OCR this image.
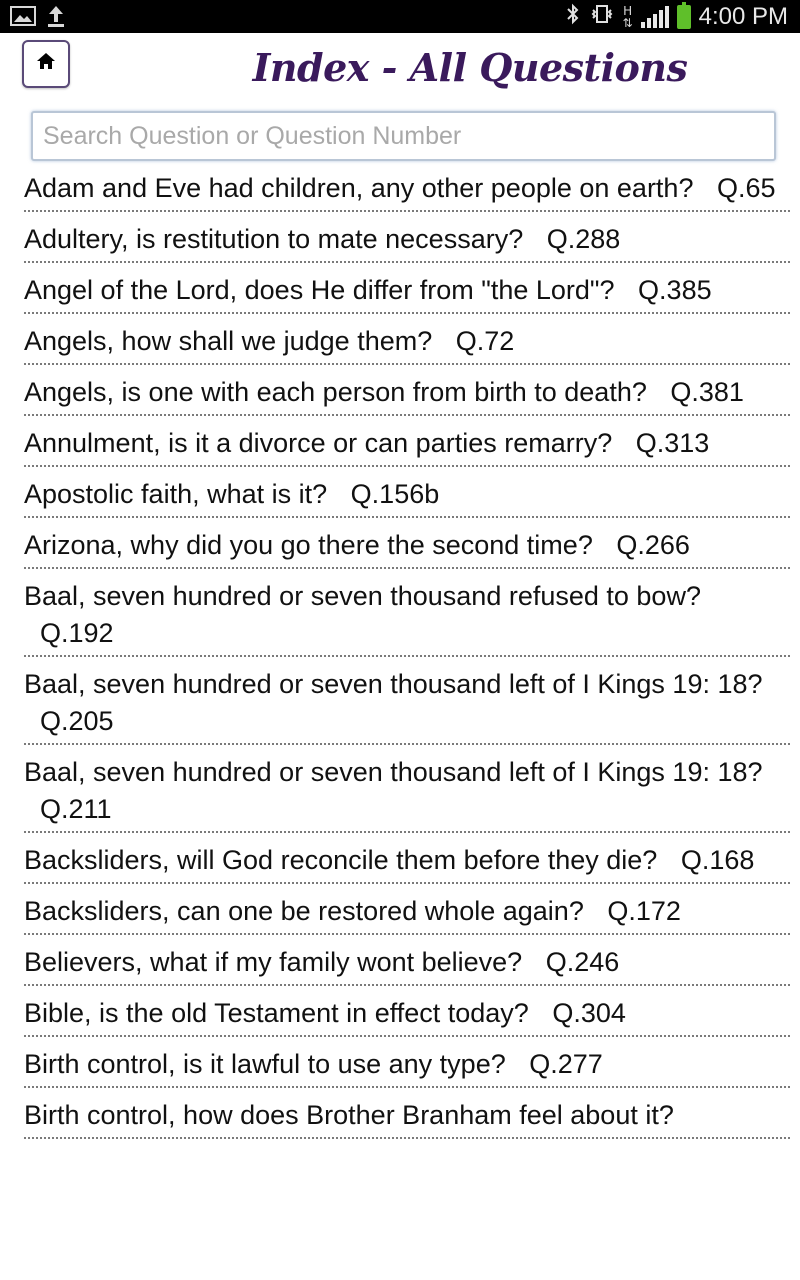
H
⇅	4:00 PM
Index - All Questions
Search Question or Question Number
Adam and Eve had children, any other people on earth? Q.65
Adultery, is restitution to mate necessary? Q.288
Angel of the Lord, does He differ from "the Lord"? Q.385
Angels, how shall we judge them? Q.72
Angels, is one with each person from birth to death? Q.381
Annulment, is it a divorce or can parties remarry? Q.313
Apostolic faith, what is it? Q.156b
Arizona, why did you go there the second time? Q.266
Baal, seven hundred or seven thousand refused to bow? Q.192
Baal, seven hundred or seven thousand left of I Kings 19: 18? Q.205
Baal, seven hundred or seven thousand left of I Kings 19: 18? Q.211
Backsliders, will God reconcile them before they die? Q.168
Backsliders, can one be restored whole again? Q.172
Believers, what if my family wont believe? Q.246
Bible, is the old Testament in effect today? Q.304
Birth control, is it lawful to use any type? Q.277
Birth control, how does Brother Branham feel about it?
